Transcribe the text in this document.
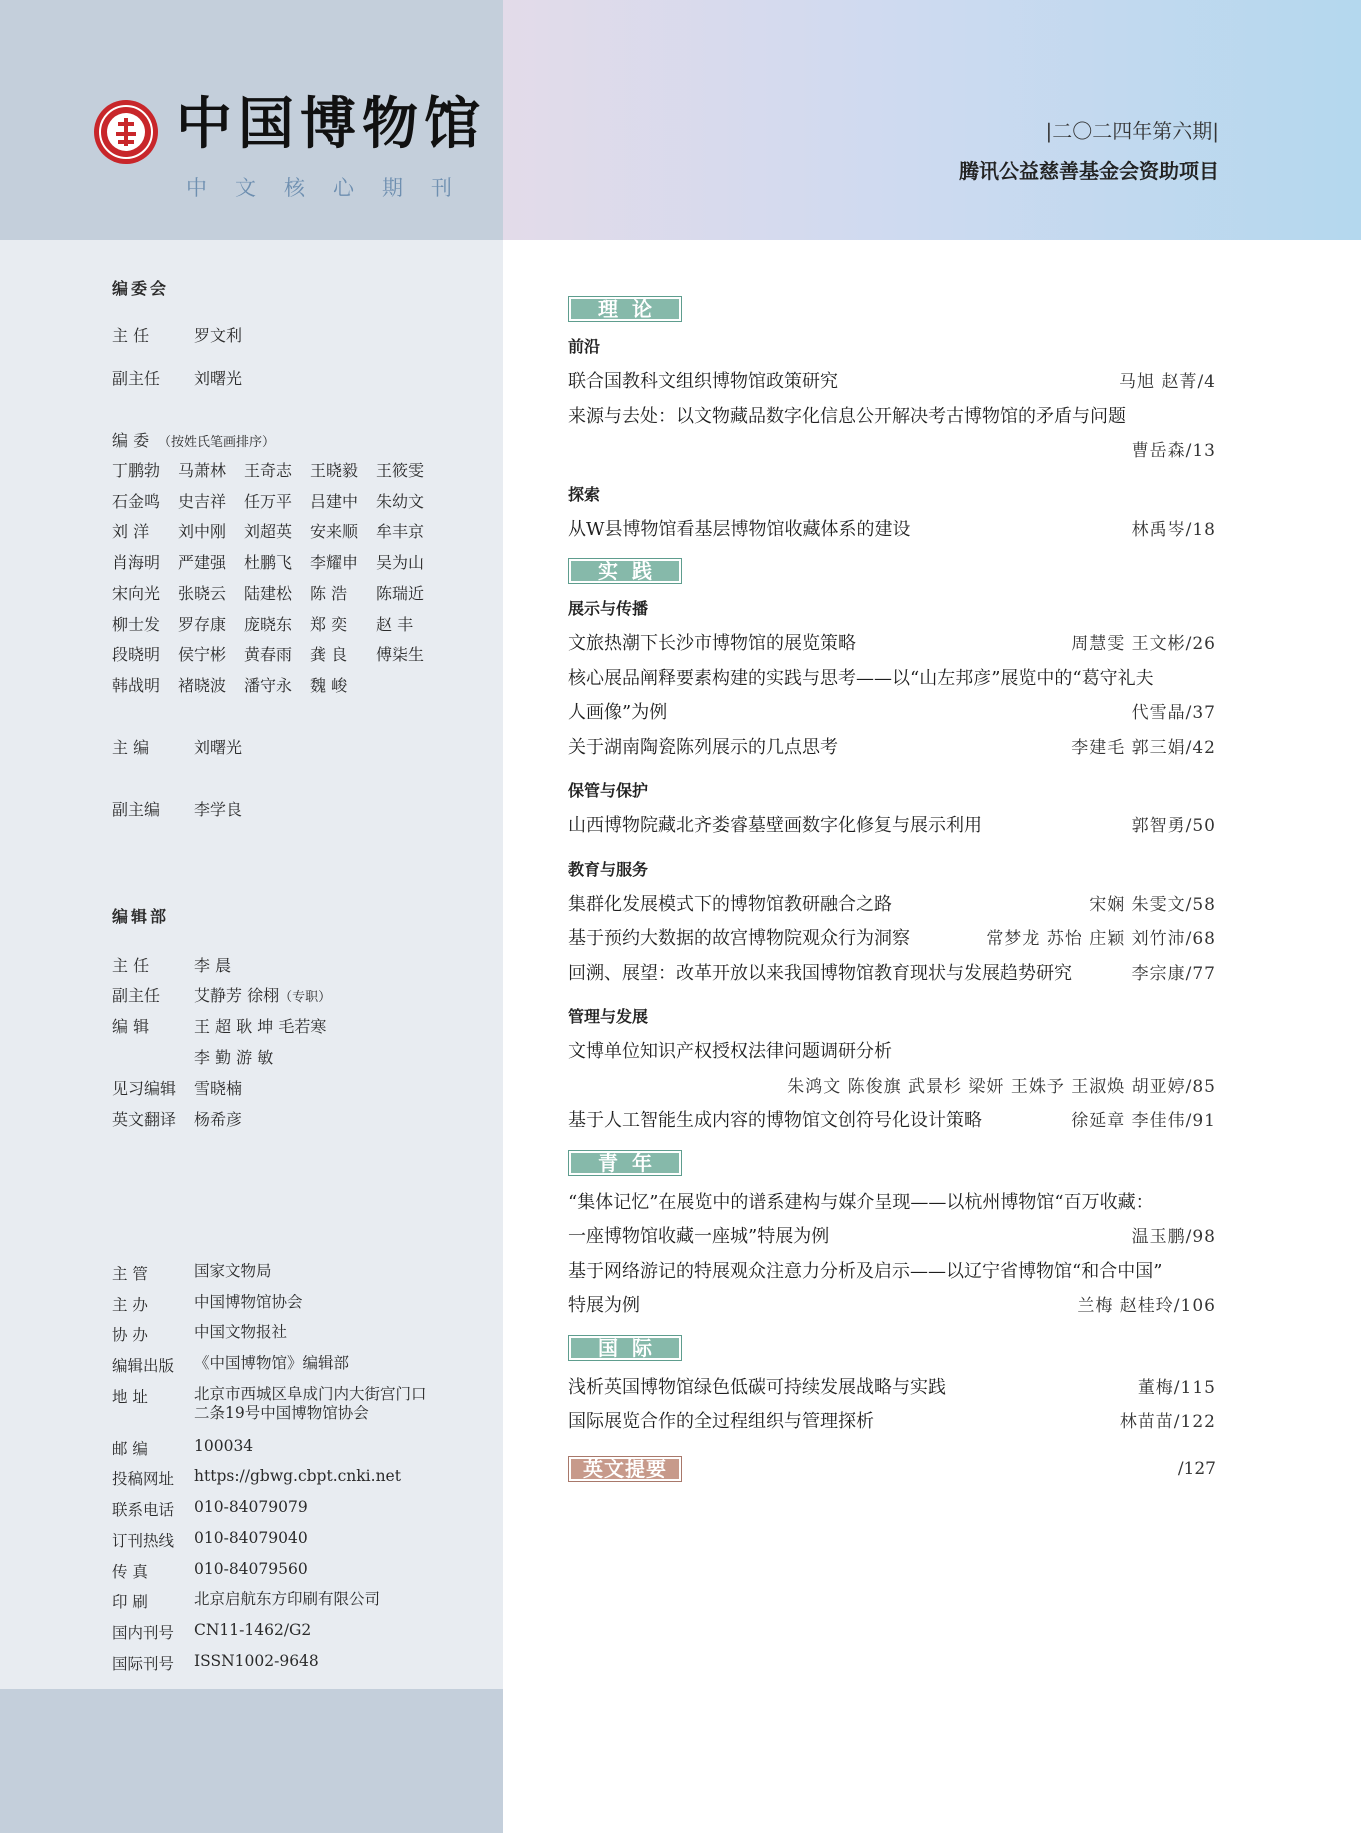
中国博物馆
中文核心期刊
|二〇二四年第六期|
腾讯公益慈善基金会资助项目
编委会
主 任	罗文利
副主任 刘曙光
编 委 （按姓氏笔画排序）
丁鹏勃 马萧林 王奇志 王晓毅 王筱雯
石金鸣 史吉祥 任万平 吕建中 朱幼文
刘 洋 刘中刚 刘超英 安来顺 牟丰京
肖海明 严建强 杜鹏飞 李耀申 吴为山
宋向光 张晓云 陆建松 陈 浩 陈瑞近
柳士发 罗存康 庞晓东 郑 奕 赵 丰
段晓明 侯宁彬 黄春雨 龚 良 傅柒生
韩战明 褚晓波 潘守永 魏 峻
主 编	刘曙光
副主编 李学良
编辑部
主 任	李 晨
副主任 艾静芳 徐栩（专职）
编 辑	王 超 耿 坤 毛若寒
李 勤 游 敏
见习编辑 雪晓楠
英文翻译 杨希彦
主 管	国家文物局
主 办	中国博物馆协会
协 办	中国文物报社
编辑出版	《中国博物馆》编辑部
地 址	北京市西城区阜成门内大街宫门口
二条19号中国博物馆协会
邮 编	100034
投稿网址	https://gbwg.cbpt.cnki.net
联系电话	010-84079079
订刊热线	010-84079040
传 真	010-84079560
印 刷	北京启航东方印刷有限公司
国内刊号	CN11-1462/G2
国际刊号	ISSN1002-9648
理论
前沿
联合国教科文组织博物馆政策研究	马旭 赵菁/4
来源与去处：以文物藏品数字化信息公开解决考古博物馆的矛盾与问题
曹岳森/13
探索
从W县博物馆看基层博物馆收藏体系的建设	林禹岑/18
实践
展示与传播
文旅热潮下长沙市博物馆的展览策略	周慧雯 王文彬/26
核心展品阐释要素构建的实践与思考——以“山左邦彦”展览中的“葛守礼夫
人画像”为例	代雪晶/37
关于湖南陶瓷陈列展示的几点思考	李建毛 郭三娟/42
保管与保护
山西博物院藏北齐娄睿墓壁画数字化修复与展示利用	郭智勇/50
教育与服务
集群化发展模式下的博物馆教研融合之路	宋娴 朱雯文/58
基于预约大数据的故宫博物院观众行为洞察	常梦龙 苏怡 庄颖 刘竹沛/68
回溯、展望：改革开放以来我国博物馆教育现状与发展趋势研究	李宗康/77
管理与发展
文博单位知识产权授权法律问题调研分析
朱鸿文 陈俊旗 武景杉 梁妍 王姝予 王淑焕 胡亚婷/85
基于人工智能生成内容的博物馆文创符号化设计策略	徐延章 李佳伟/91
青年
“集体记忆”在展览中的谱系建构与媒介呈现——以杭州博物馆“百万收藏：
一座博物馆收藏一座城”特展为例	温玉鹏/98
基于网络游记的特展观众注意力分析及启示——以辽宁省博物馆“和合中国”
特展为例	兰梅 赵桂玲/106
国际
浅析英国博物馆绿色低碳可持续发展战略与实践	董梅/115
国际展览合作的全过程组织与管理探析	林苗苗/122
英文提要	/127
